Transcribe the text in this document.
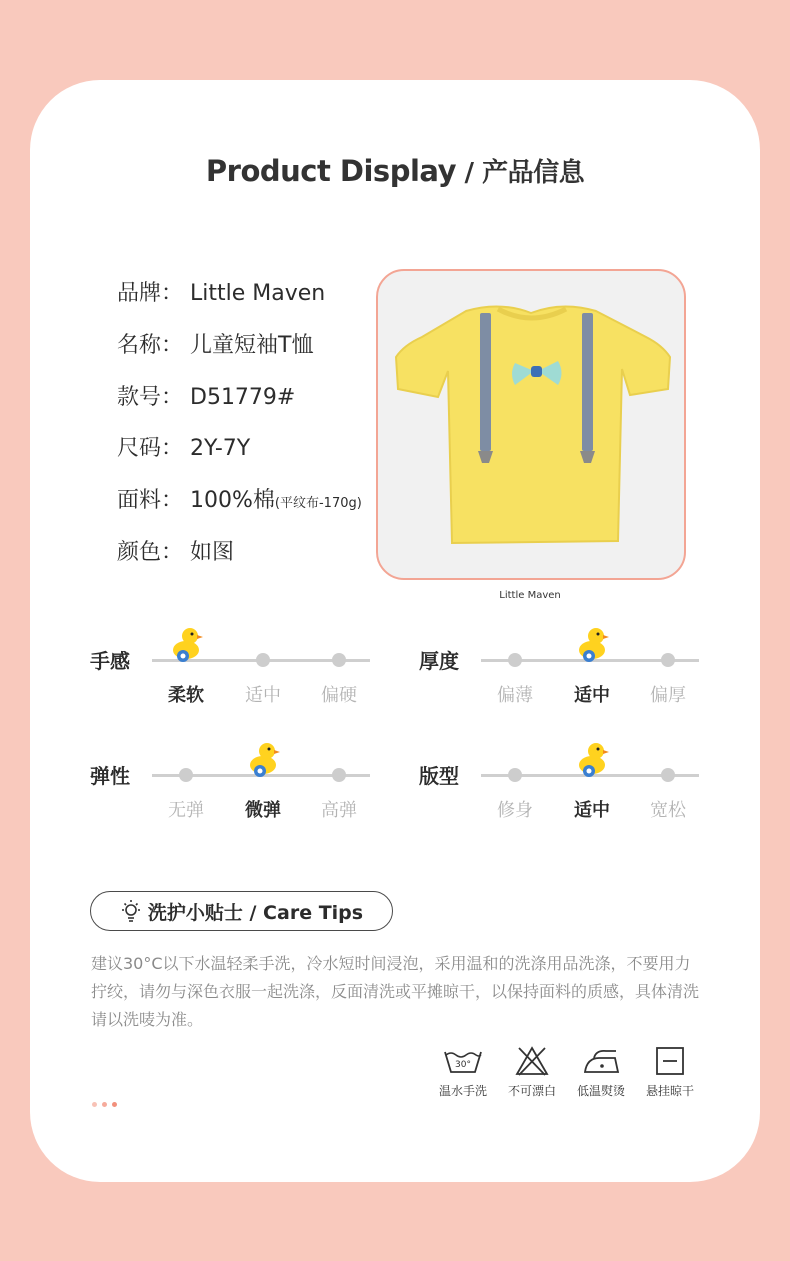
Product Display / 产品信息
品牌： Little Maven
名称： 儿童短袖T恤
款号： D51779#
尺码： 2Y-7Y
面料： 100%棉(平纹布-170g)
颜色： 如图
Little Maven
手感
柔软	适中	偏硬
厚度
偏薄	适中	偏厚
弹性
无弹	微弹	高弹
版型
修身	适中	宽松
洗护小贴士 / Care Tips
建议30°C以下水温轻柔手洗，冷水短时间浸泡，采用温和的洗涤用品洗涤，不要用力拧绞，请勿与深色衣服一起洗涤，反面清洗或平摊晾干，以保持面料的质感，具体清洗请以洗唛为准。
30°
温水手洗	不可漂白	低温熨烫	悬挂晾干
